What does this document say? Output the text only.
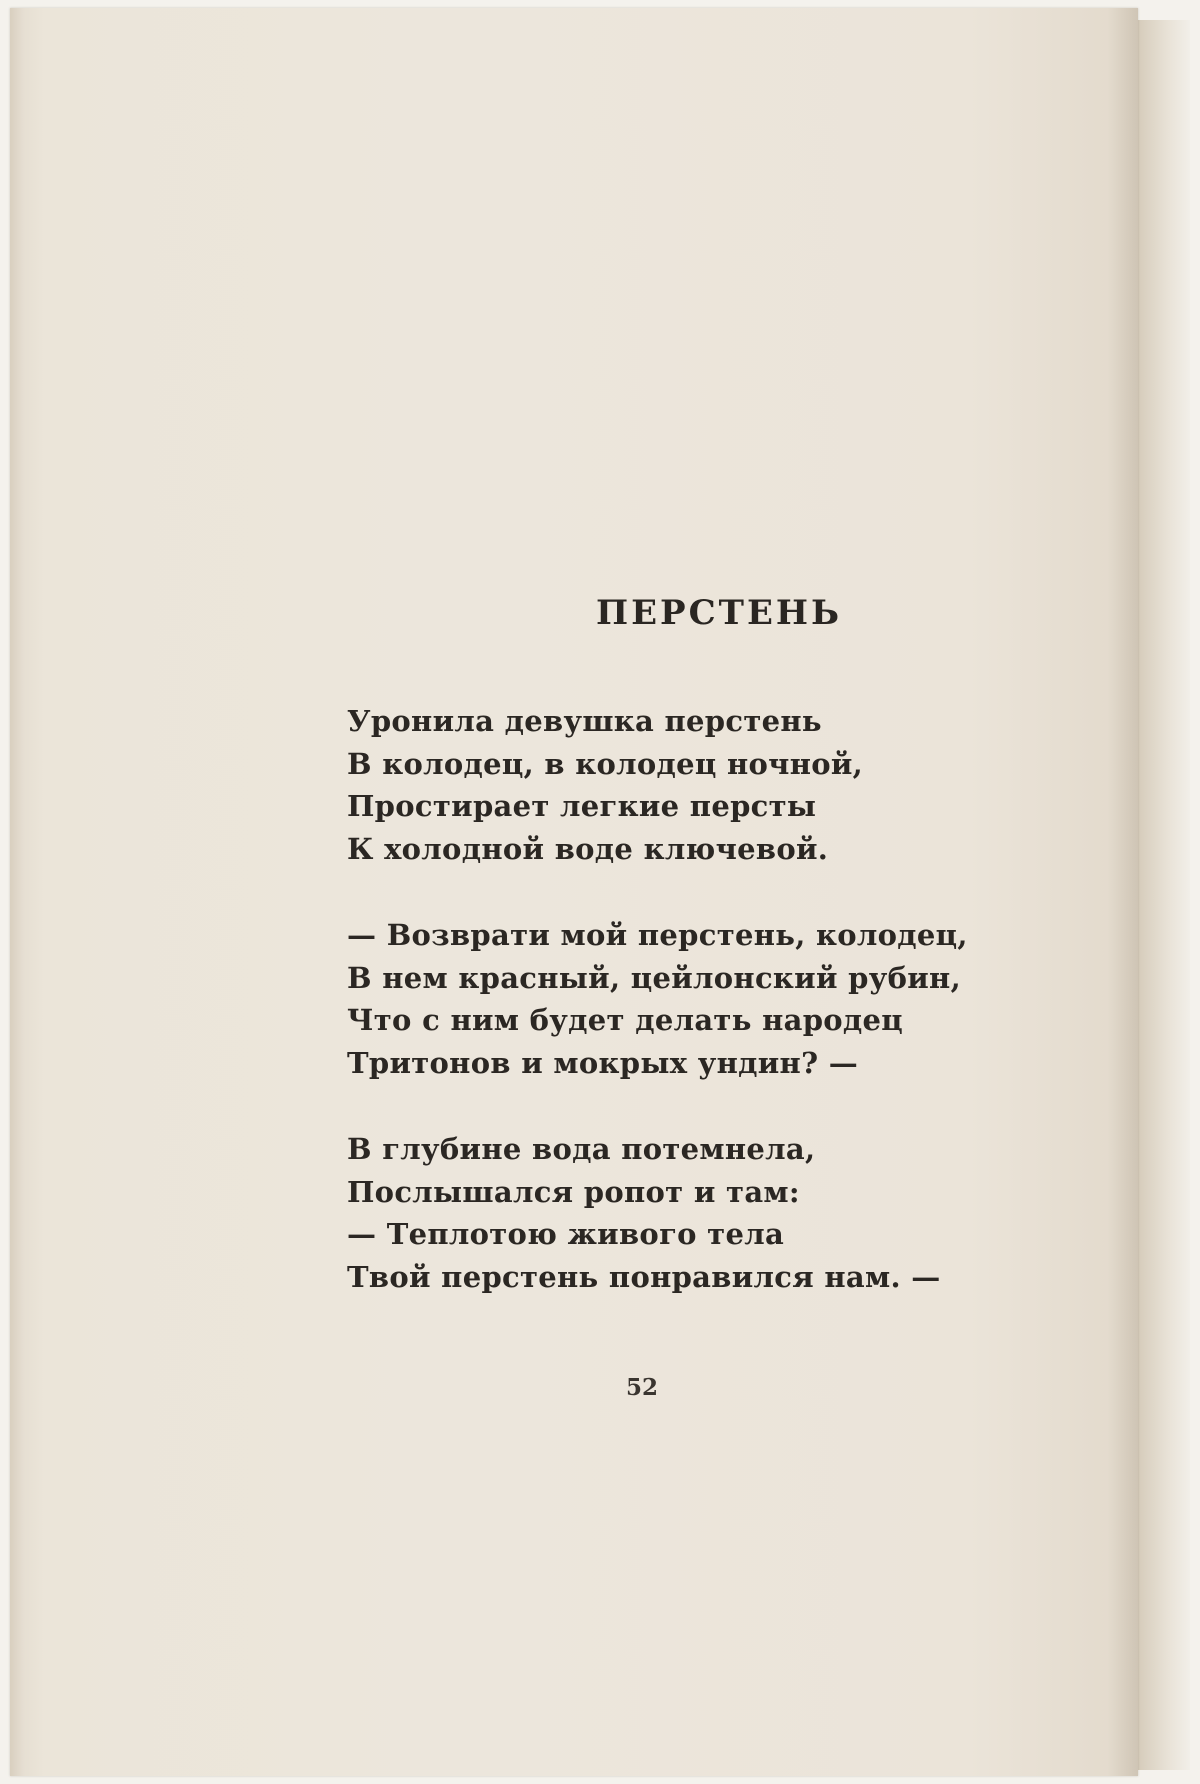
ПЕРСТЕНЬ
Уронила девушка перстень
В колодец, в колодец ночной,
Простирает легкие персты
К холодной воде ключевой.
— Возврати мой перстень, колодец,
В нем красный, цейлонский рубин,
Что с ним будет делать народец
Тритонов и мокрых ундин? —
В глубине вода потемнела,
Послышался ропот и там:
— Теплотою живого тела
Твой перстень понравился нам. —
52
